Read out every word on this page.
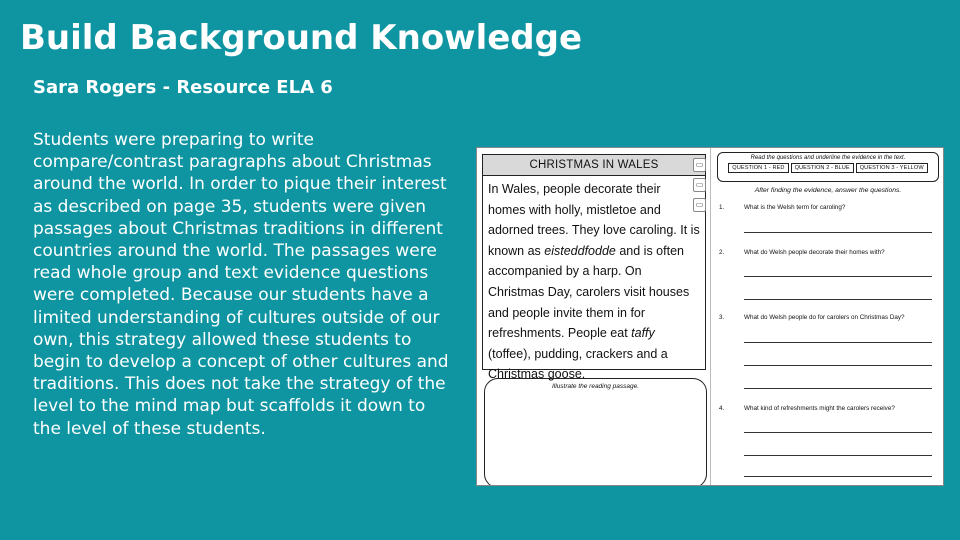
Build Background Knowledge
Sara Rogers - Resource ELA 6

Students were preparing to write compare/contrast paragraphs about Christmas around the world. In order to pique their interest as described on page 35, students were given passages about Christmas traditions in different countries around the world. The passages were read whole group and text evidence questions were completed. Because our students have a limited understanding of cultures outside of our own, this strategy allowed these students to begin to develop a concept of other cultures and traditions. This does not take the strategy of the level to the mind map but scaffolds it down to the level of these students.

CHRISTMAS IN WALES
In Wales, people decorate their homes with holly, mistletoe and adorned trees. They love caroling. It is known as eisteddfodde and is often accompanied by a harp. On Christmas Day, carolers visit houses and people invite them in for refreshments. People eat taffy (toffee), pudding, crackers and a Christmas goose.
▭
▭
▭
Illustrate the reading passage.
Read the questions and underline the evidence in the text.
QUESTION 1 - RED	QUESTION 2 - BLUE	QUESTION 3 - YELLOW
After finding the evidence, answer the questions.
1.	What is the Welsh term for caroling?
2.	What do Welsh people decorate their homes with?
3.	What do Welsh people do for carolers on Christmas Day?
4.	What kind of refreshments might the carolers receive?
